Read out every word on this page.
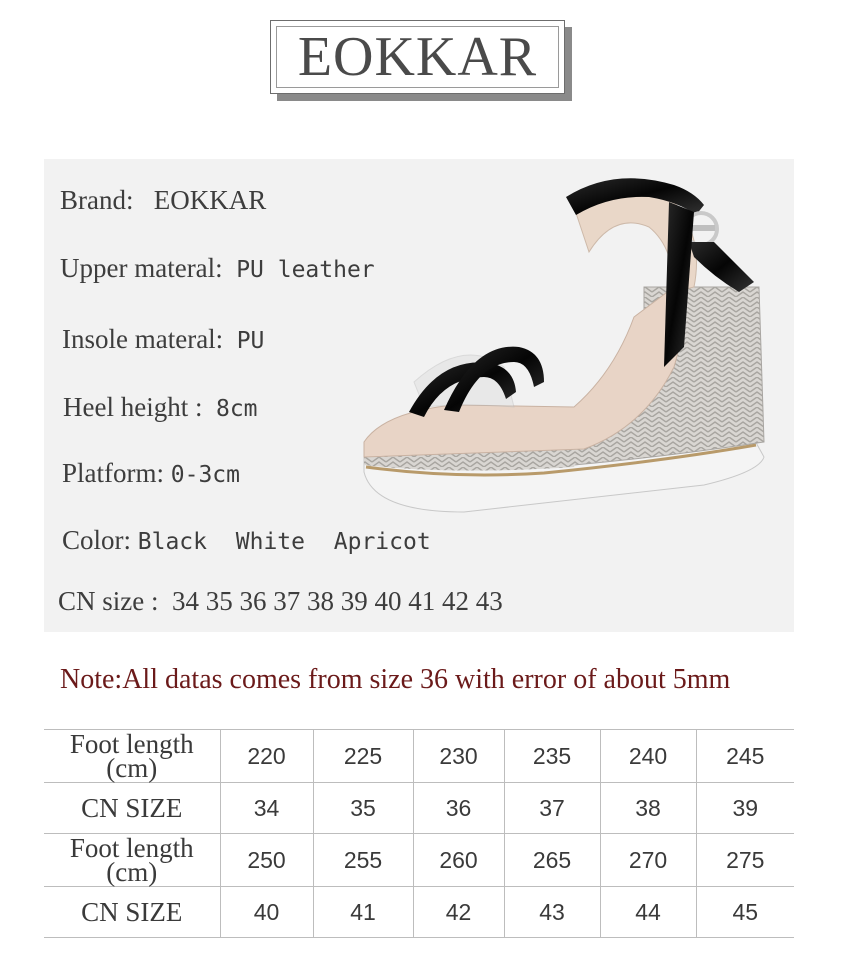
EOKKAR
Brand: EOKKAR
Upper materal: PU leather
Insole materal: PU
Heel height : 8cm
Platform: 0-3cm
Color: Black White Apricot
CN size : 34 35 36 37 38 39 40 41 42 43
Note:All datas comes from size 36 with error of about 5mm
Foot length (cm)	220	225	230	235	240	245
CN SIZE	34	35	36	37	38	39
Foot length (cm)	250	255	260	265	270	275
CN SIZE	40	41	42	43	44	45
